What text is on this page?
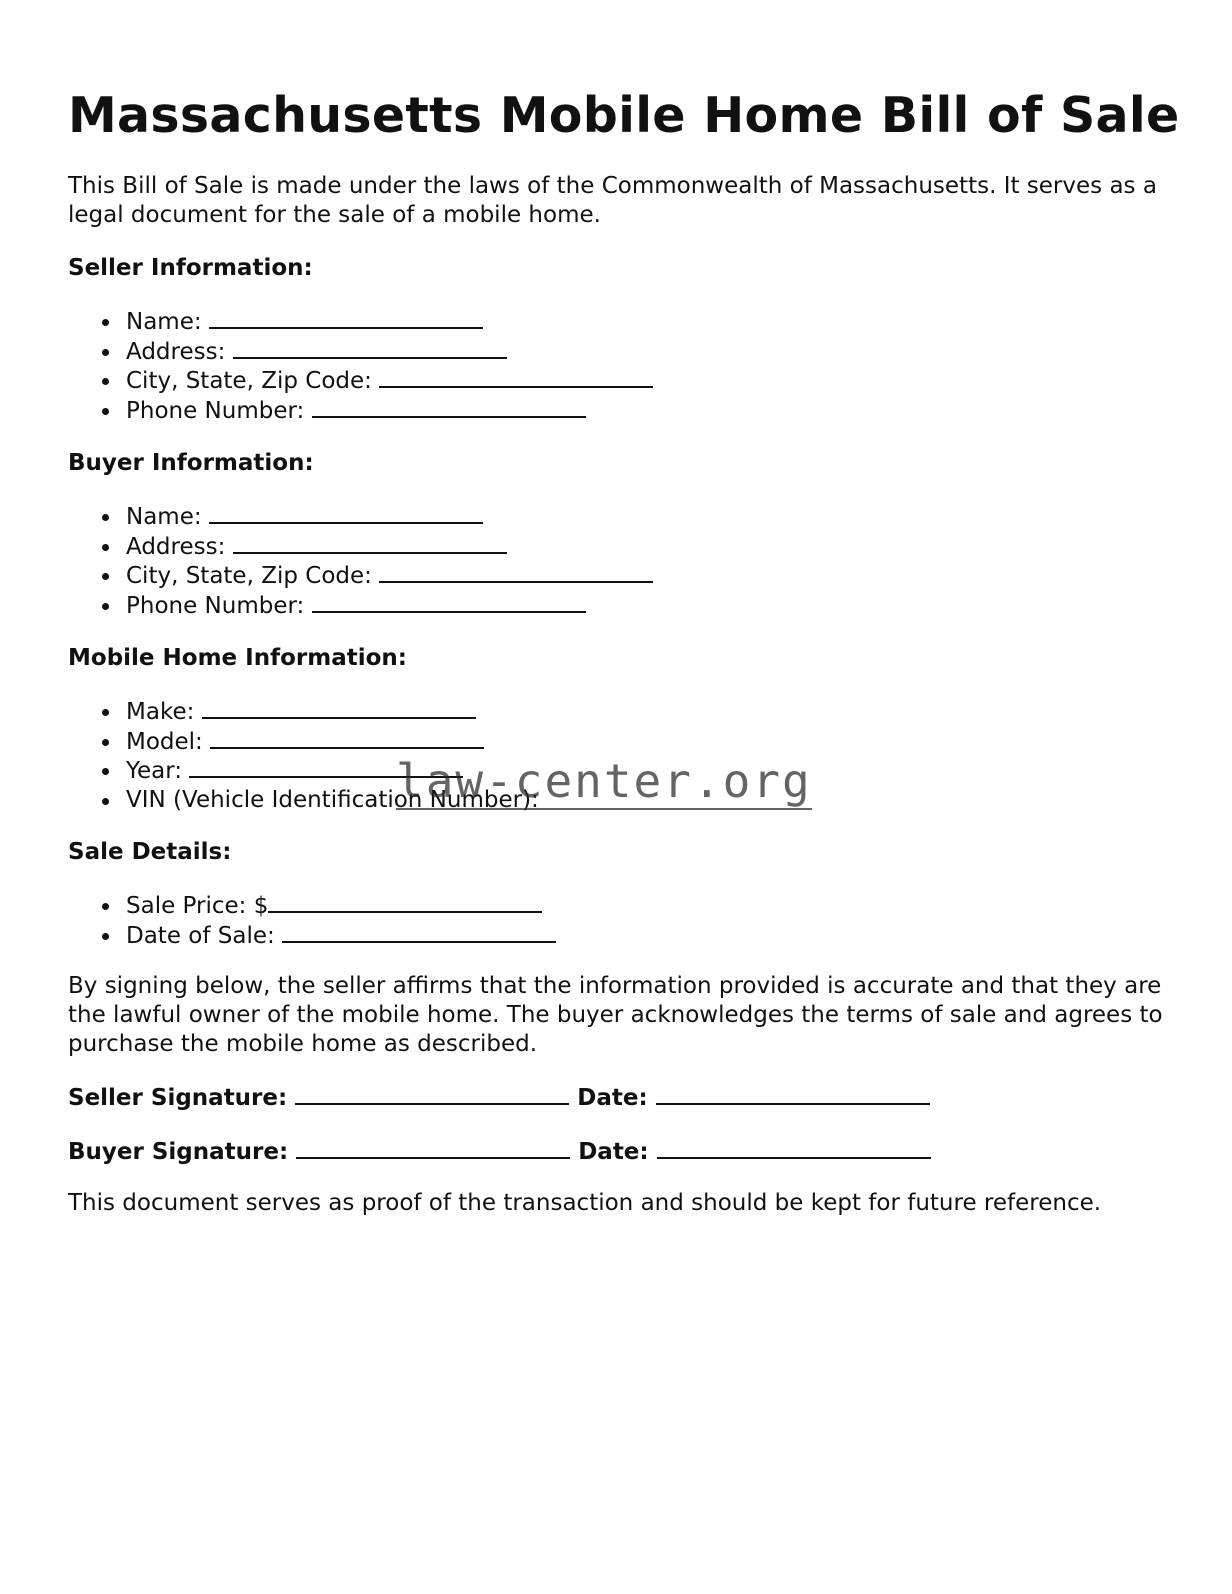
Massachusetts Mobile Home Bill of Sale

This Bill of Sale is made under the laws of the Commonwealth of Massachusetts. It serves as a legal document for the sale of a mobile home.

Seller Information:
Name:
Address:
City, State, Zip Code:
Phone Number:
Buyer Information:
Name:
Address:
City, State, Zip Code:
Phone Number:
Mobile Home Information:
Make:
Model:
Year:
VIN (Vehicle Identification Number):
Sale Details:
Sale Price: $
Date of Sale:

By signing below, the seller affirms that the information provided is accurate and that they are the lawful owner of the mobile home. The buyer acknowledges the terms of sale and agrees to purchase the mobile home as described.

Seller Signature:	Date:
Buyer Signature:	Date:

This document serves as proof of the transaction and should be kept for future reference.

law-center.org
